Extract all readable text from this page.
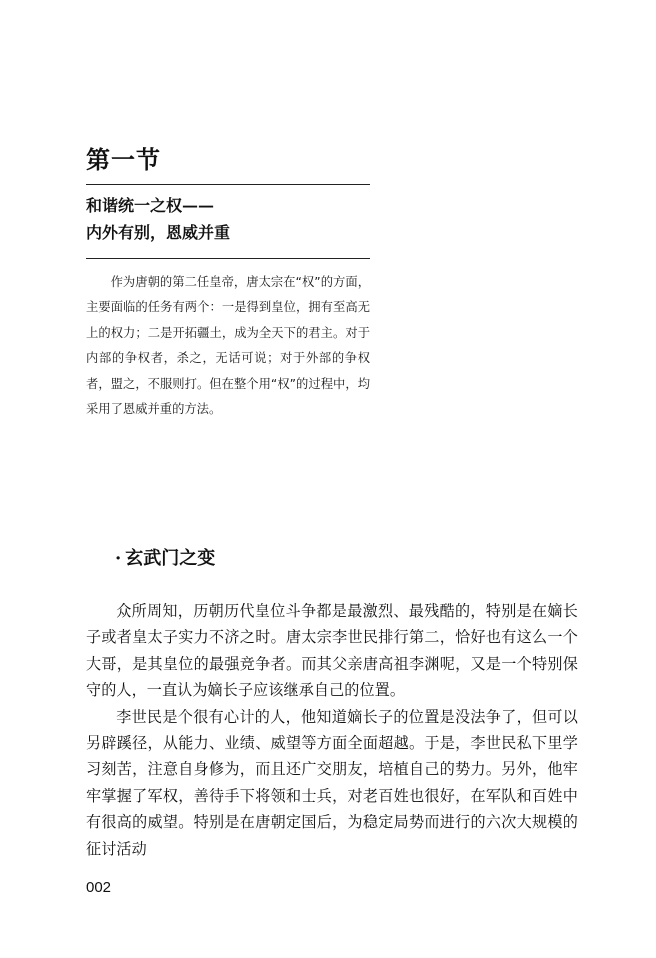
第一节
和谐统一之权——
内外有别，恩威并重

作为唐朝的第二任皇帝，唐太宗在“权”的方面，主要面临的任务有两个：一是得到皇位，拥有至高无上的权力；二是开拓疆土，成为全天下的君主。对于内部的争权者，杀之，无话可说；对于外部的争权者，盟之，不服则打。但在整个用“权”的过程中，均采用了恩威并重的方法。

· 玄武门之变

众所周知，历朝历代皇位斗争都是最激烈、最残酷的，特别是在嫡长子或者皇太子实力不济之时。唐太宗李世民排行第二，恰好也有这么一个大哥，是其皇位的最强竞争者。而其父亲唐高祖李渊呢，又是一个特别保守的人，一直认为嫡长子应该继承自己的位置。

李世民是个很有心计的人，他知道嫡长子的位置是没法争了，但可以另辟蹊径，从能力、业绩、威望等方面全面超越。于是，李世民私下里学习刻苦，注意自身修为，而且还广交朋友，培植自己的势力。另外，他牢牢掌握了军权，善待手下将领和士兵，对老百姓也很好，在军队和百姓中有很高的威望。特别是在唐朝定国后，为稳定局势而进行的六次大规模的征讨活动

002
